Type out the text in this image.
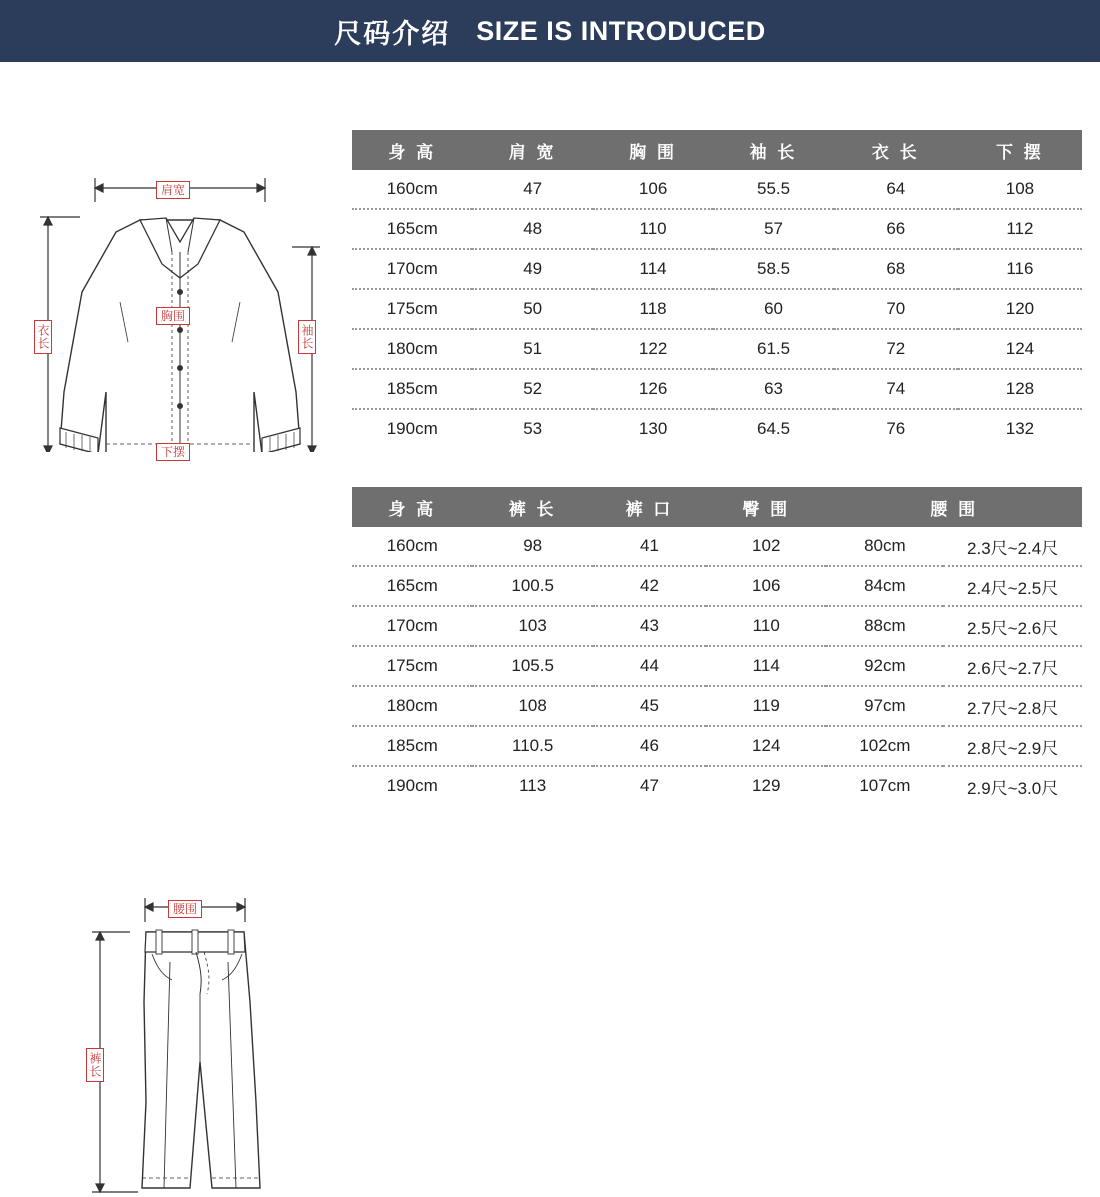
尺码介绍 SIZE IS INTRODUCED
肩宽
胸围
衣长	袖长
下摆
身 高	肩 宽	胸 围	袖 长	衣 长	下 摆
160cm	47	106	55.5	64	108
165cm	48	110	57	66	112
170cm	49	114	58.5	68	116
175cm	50	118	60	70	120
180cm	51	122	61.5	72	124
185cm	52	126	63	74	128
190cm	53	130	64.5	76	132
腰围
裤长
身 高	裤 长	裤 口	臀 围	腰 围	
160cm	98	41	102	80cm	2.3尺~2.4尺
165cm	100.5	42	106	84cm	2.4尺~2.5尺
170cm	103	43	110	88cm	2.5尺~2.6尺
175cm	105.5	44	114	92cm	2.6尺~2.7尺
180cm	108	45	119	97cm	2.7尺~2.8尺
185cm	110.5	46	124	102cm	2.8尺~2.9尺
190cm	113	47	129	107cm	2.9尺~3.0尺
